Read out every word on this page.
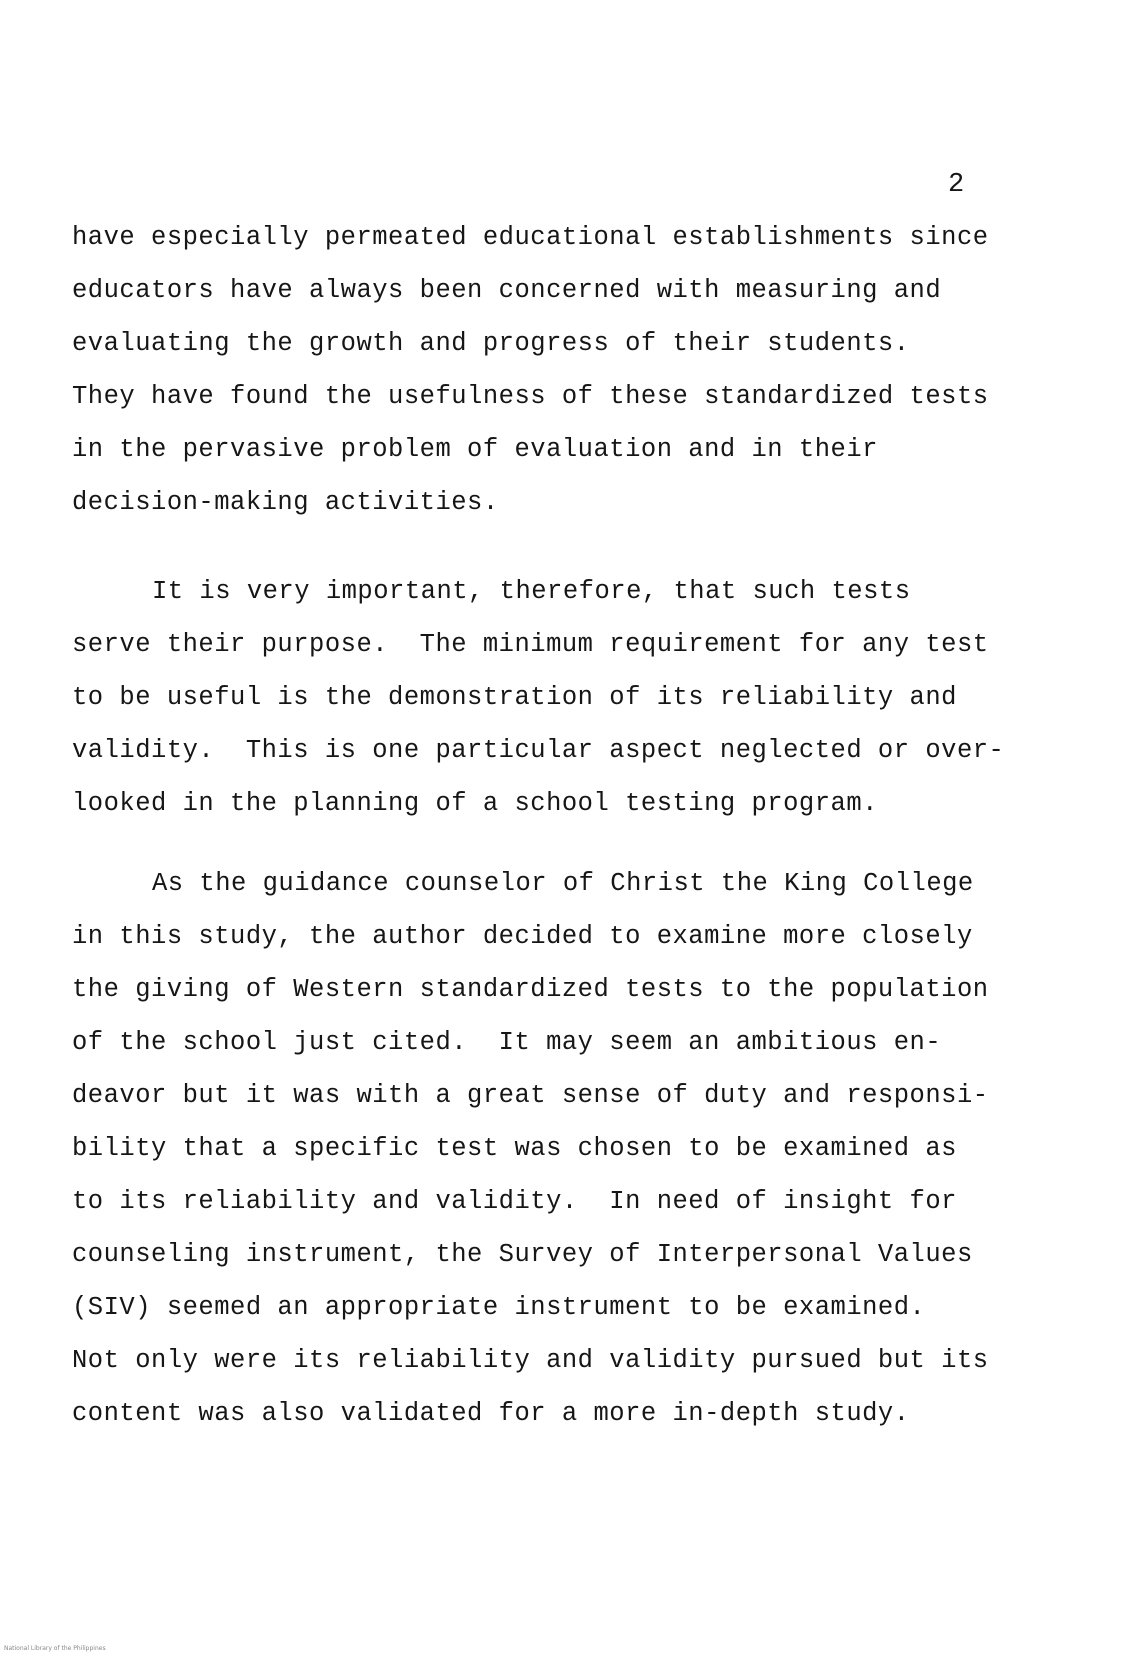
2
have especially permeated educational establishments since
educators have always been concerned with measuring and
evaluating the growth and progress of their students.
They have found the usefulness of these standardized tests
in the pervasive problem of evaluation and in their
decision-making activities.
It is very important, therefore, that such tests
serve their purpose.  The minimum requirement for any test
to be useful is the demonstration of its reliability and
validity.  This is one particular aspect neglected or over-
looked in the planning of a school testing program.
As the guidance counselor of Christ the King College
in this study, the author decided to examine more closely
the giving of Western standardized tests to the population
of the school just cited.  It may seem an ambitious en-
deavor but it was with a great sense of duty and responsi-
bility that a specific test was chosen to be examined as
to its reliability and validity.  In need of insight for
counseling instrument, the Survey of Interpersonal Values
(SIV) seemed an appropriate instrument to be examined.
Not only were its reliability and validity pursued but its
content was also validated for a more in-depth study.
National Library of the Philippines
